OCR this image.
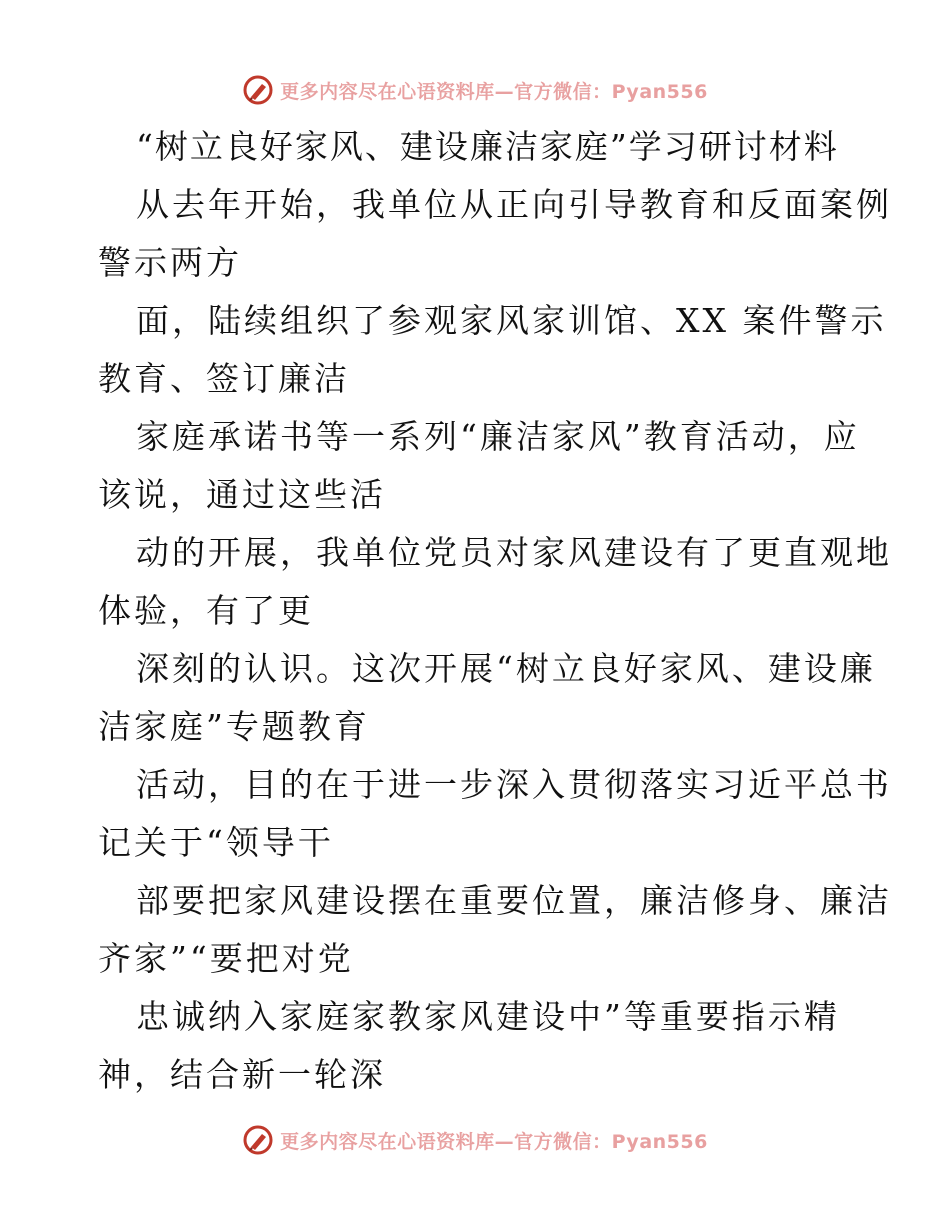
更多内容尽在心语资料库—官方微信：Pyan556
“树立良好家风、建设廉洁家庭”学习研讨材料
从去年开始，我单位从正向引导教育和反面案例
警示两方
面，陆续组织了参观家风家训馆、XX 案件警示
教育、签订廉洁
家庭承诺书等一系列“廉洁家风”教育活动，应
该说，通过这些活
动的开展，我单位党员对家风建设有了更直观地
体验，有了更
深刻的认识。这次开展“树立良好家风、建设廉
洁家庭”专题教育
活动，目的在于进一步深入贯彻落实习近平总书
记关于“领导干
部要把家风建设摆在重要位置，廉洁修身、廉洁
齐家”“要把对党
忠诚纳入家庭家教家风建设中”等重要指示精
神，结合新一轮深
更多内容尽在心语资料库—官方微信：Pyan556
